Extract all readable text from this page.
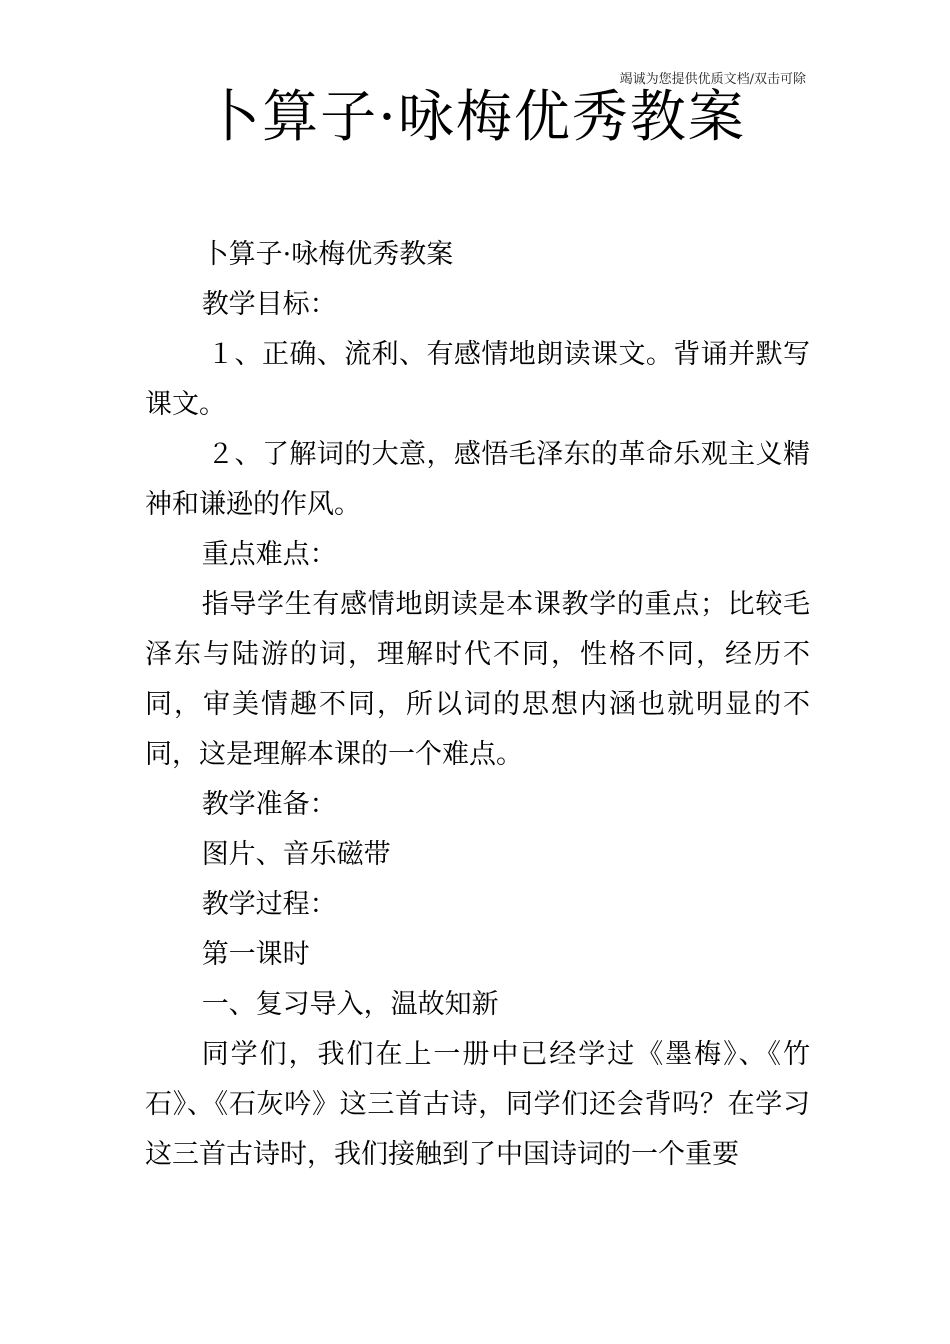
竭诚为您提供优质文档/双击可除
卜算子·咏梅优秀教案

卜算子·咏梅优秀教案

教学目标：

１、正确、流利、有感情地朗读课文。背诵并默写课文。

２、了解词的大意，感悟毛泽东的革命乐观主义精神和谦逊的作风。

重点难点：

指导学生有感情地朗读是本课教学的重点；比较毛泽东与陆游的词，理解时代不同，性格不同，经历不同，审美情趣不同，所以词的思想内涵也就明显的不同，这是理解本课的一个难点。

教学准备：

图片、音乐磁带

教学过程：

第一课时

一、复习导入，温故知新

同学们，我们在上一册中已经学过《墨梅》、《竹石》、《石灰吟》这三首古诗，同学们还会背吗？在学习这三首古诗时，我们接触到了中国诗词的一个重要
